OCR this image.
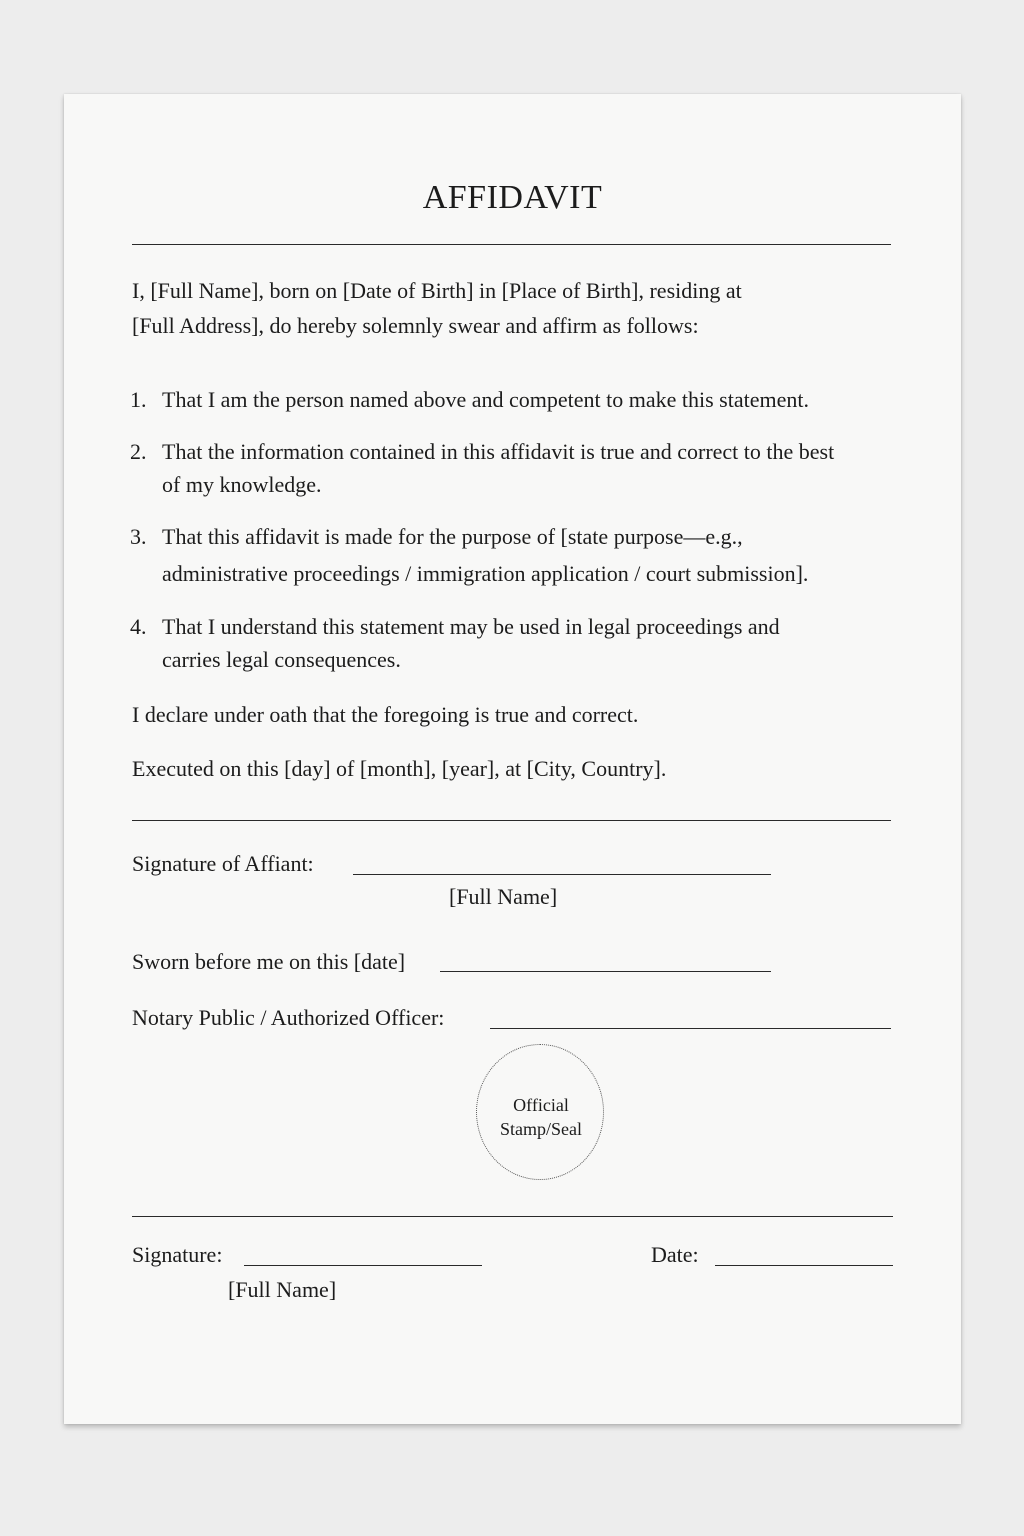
AFFIDAVIT
I, [Full Name], born on [Date of Birth] in [Place of Birth], residing at
[Full Address], do hereby solemnly swear and affirm as follows:
1. That I am the person named above and competent to make this statement.
2. That the information contained in this affidavit is true and correct to the best
of my knowledge.
3. That this affidavit is made for the purpose of [state purpose—e.g.,
administrative proceedings / immigration application / court submission].
4. That I understand this statement may be used in legal proceedings and
carries legal consequences.
I declare under oath that the foregoing is true and correct.
Executed on this [day] of [month], [year], at [City, Country].
Signature of Affiant:
[Full Name]
Sworn before me on this [date]
Notary Public / Authorized Officer:
Official Stamp/Seal
Signature:
[Full Name]
Date:
